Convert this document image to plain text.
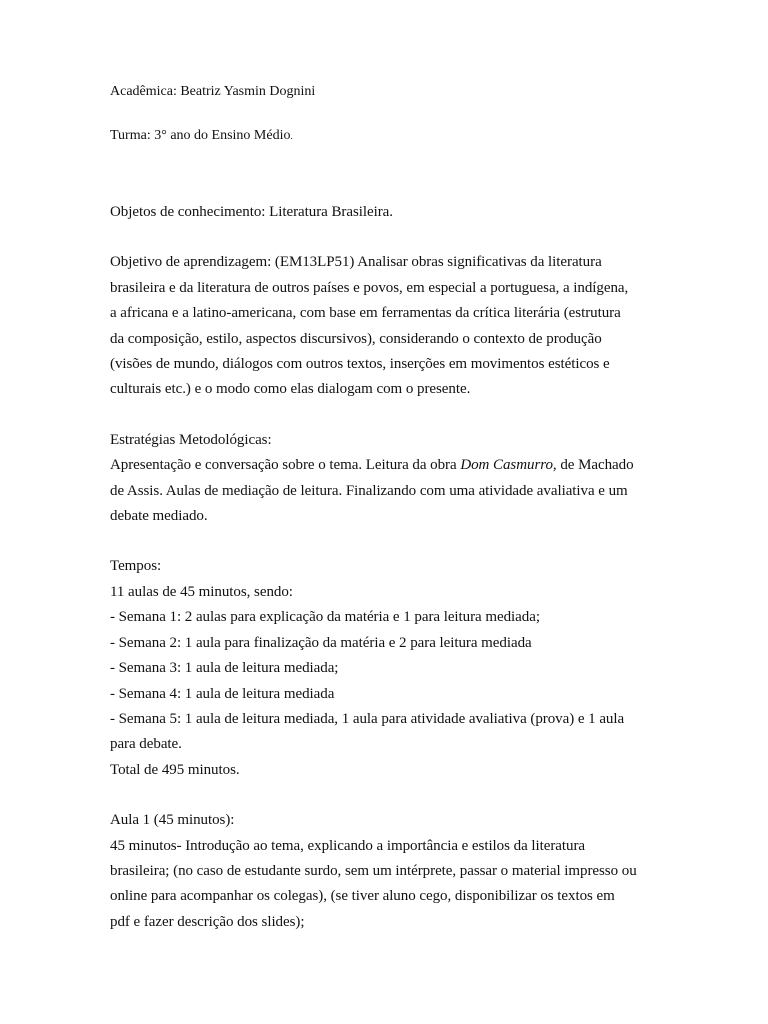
Acadêmica: Beatriz Yasmin Dognini

Turma: 3° ano do Ensino Médio.

Objetos de conhecimento: Literatura Brasileira.

Objetivo de aprendizagem: (EM13LP51) Analisar obras significativas da literatura
brasileira e da literatura de outros países e povos, em especial a portuguesa, a indígena,
a africana e a latino-americana, com base em ferramentas da crítica literária (estrutura
da composição, estilo, aspectos discursivos), considerando o contexto de produção
(visões de mundo, diálogos com outros textos, inserções em movimentos estéticos e
culturais etc.) e o modo como elas dialogam com o presente.

Estratégias Metodológicas:
Apresentação e conversação sobre o tema. Leitura da obra Dom Casmurro, de Machado
de Assis. Aulas de mediação de leitura. Finalizando com uma atividade avaliativa e um
debate mediado.

Tempos:
11 aulas de 45 minutos, sendo:
- Semana 1: 2 aulas para explicação da matéria e 1 para leitura mediada;
- Semana 2: 1 aula para finalização da matéria e 2 para leitura mediada
- Semana 3: 1 aula de leitura mediada;
- Semana 4: 1 aula de leitura mediada
- Semana 5: 1 aula de leitura mediada, 1 aula para atividade avaliativa (prova) e 1 aula
para debate.
Total de 495 minutos.

Aula 1 (45 minutos):
45 minutos- Introdução ao tema, explicando a importância e estilos da literatura
brasileira; (no caso de estudante surdo, sem um intérprete, passar o material impresso ou
online para acompanhar os colegas), (se tiver aluno cego, disponibilizar os textos em
pdf e fazer descrição dos slides);
